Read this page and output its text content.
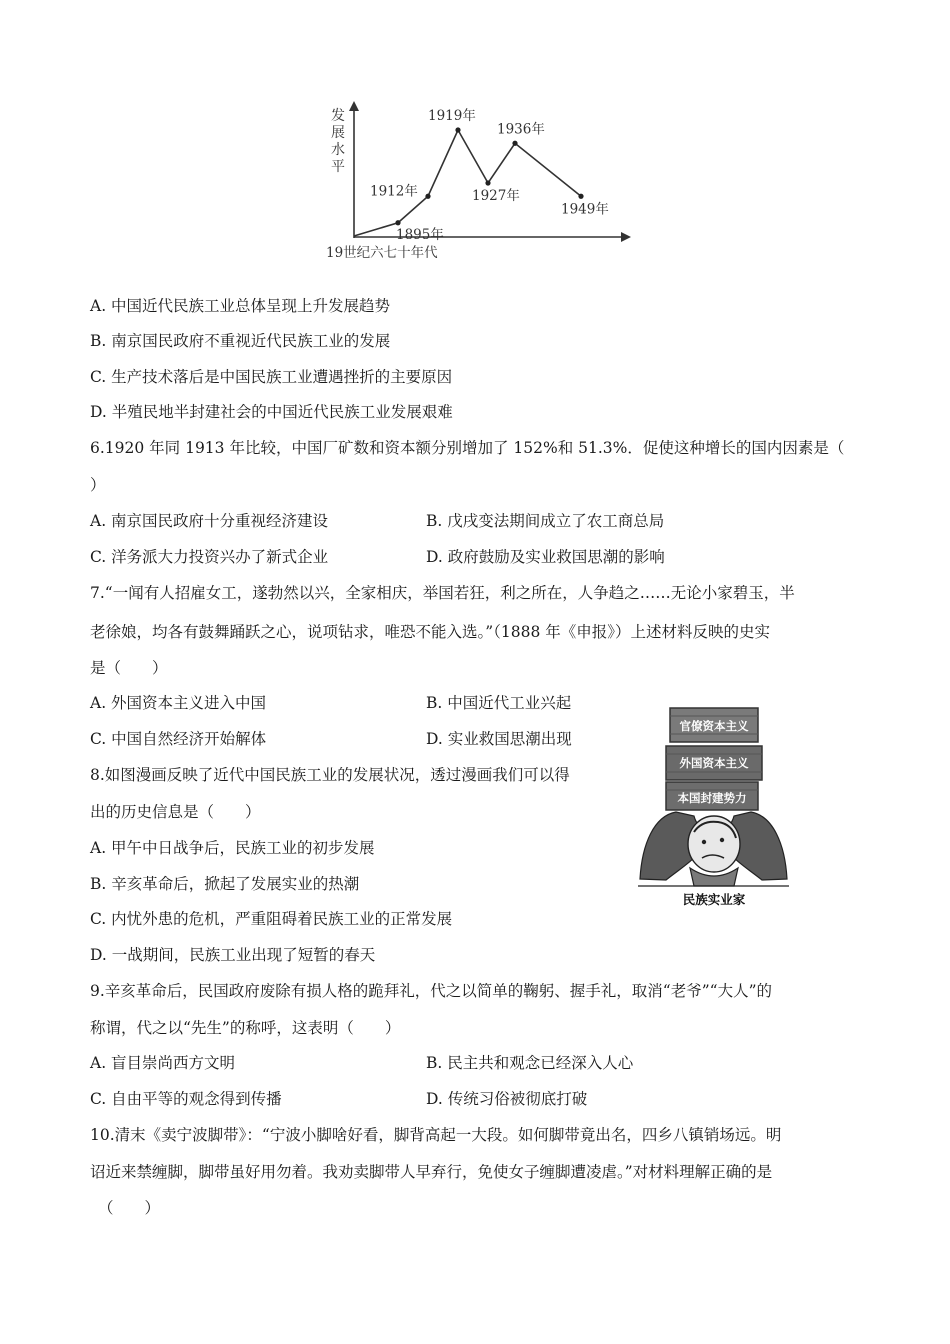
发
展
水
平
19世纪六七十年代
1895年
1912年
1919年
1927年
1936年
1949年
A. 中国近代民族工业总体呈现上升发展趋势
B. 南京国民政府不重视近代民族工业的发展
C. 生产技术落后是中国民族工业遭遇挫折的主要原因
D. 半殖民地半封建社会的中国近代民族工业发展艰难
6.1920 年同 1913 年比较，中国厂矿数和资本额分别增加了 152%和 51.3%．促使这种增长的国内因素是（
）
A. 南京国民政府十分重视经济建设	B. 戊戌变法期间成立了农工商总局
C. 洋务派大力投资兴办了新式企业	D. 政府鼓励及实业救国思潮的影响
7.“一闻有人招雇女工，遂勃然以兴，全家相庆，举国若狂，利之所在，人争趋之……无论小家碧玉，半
老徐娘，均各有鼓舞踊跃之心，说项钻求，唯恐不能入选。”（1888 年《申报》）上述材料反映的史实
是（　　）
A. 外国资本主义进入中国	B. 中国近代工业兴起
C. 中国自然经济开始解体	D. 实业救国思潮出现
8.如图漫画反映了近代中国民族工业的发展状况，透过漫画我们可以得
出的历史信息是（　　）
A. 甲午中日战争后，民族工业的初步发展
B. 辛亥革命后，掀起了发展实业的热潮
C. 内忧外患的危机，严重阻碍着民族工业的正常发展
D. 一战期间，民族工业出现了短暂的春天
官僚资本主义
外国资本主义
本国封建势力
民族实业家
9.辛亥革命后，民国政府废除有损人格的跪拜礼，代之以简单的鞠躬、握手礼，取消“老爷”“大人”的
称谓，代之以“先生”的称呼，这表明（　　）
A. 盲目崇尚西方文明	B. 民主共和观念已经深入人心
C. 自由平等的观念得到传播	D. 传统习俗被彻底打破
10.清末《卖宁波脚带》：“宁波小脚啥好看，脚背高起一大段。如何脚带竟出名，四乡八镇销场远。明
诏近来禁缠脚，脚带虽好用勿着。我劝卖脚带人早弃行，免使女子缠脚遭凌虐。”对材料理解正确的是
（　　）
